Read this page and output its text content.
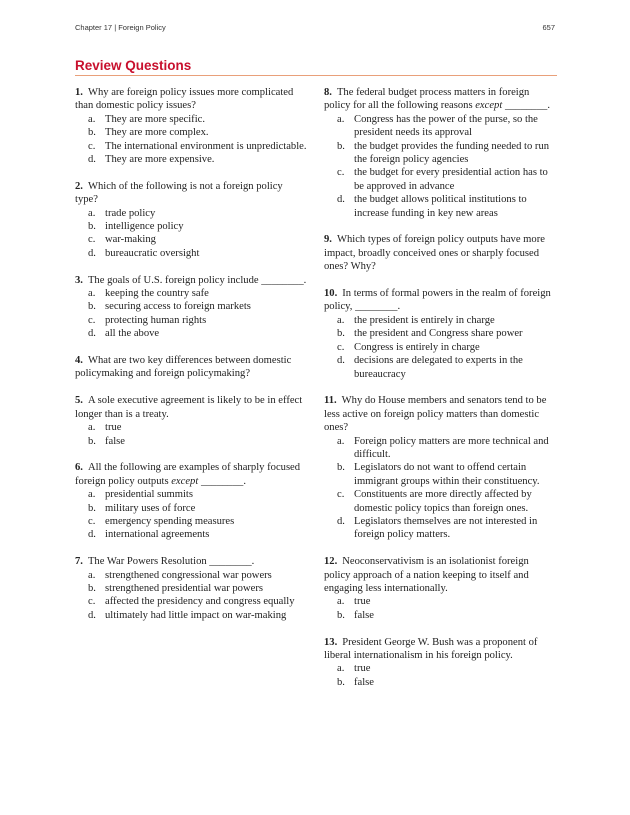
Chapter 17 | Foreign Policy	657
Review Questions

1. Why are foreign policy issues more complicated than domestic policy issues?

a. They are more specific.
b. They are more complex.
c. The international environment is unpredictable.
d. They are more expensive.

2. Which of the following is not a foreign policy type?

a. trade policy
b. intelligence policy
c. war-making
d. bureaucratic oversight

3. The goals of U.S. foreign policy include ________.

a. keeping the country safe
b. securing access to foreign markets
c. protecting human rights
d. all the above

4. What are two key differences between domestic policymaking and foreign policymaking?

5. A sole executive agreement is likely to be in effect longer than is a treaty.

a. true
b. false

6. All the following are examples of sharply focused foreign policy outputs except ________.

a. presidential summits
b. military uses of force
c. emergency spending measures
d. international agreements

7. The War Powers Resolution ________.

a. strengthened congressional war powers
b. strengthened presidential war powers
c. affected the presidency and congress equally
d. ultimately had little impact on war-making

8. The federal budget process matters in foreign policy for all the following reasons except ________.

a. Congress has the power of the purse, so the president needs its approval
b. the budget provides the funding needed to run the foreign policy agencies
c. the budget for every presidential action has to be approved in advance
d. the budget allows political institutions to increase funding in key new areas

9. Which types of foreign policy outputs have more impact, broadly conceived ones or sharply focused ones? Why?

10. In terms of formal powers in the realm of foreign policy, ________.

a. the president is entirely in charge
b. the president and Congress share power
c. Congress is entirely in charge
d. decisions are delegated to experts in the bureaucracy

11. Why do House members and senators tend to be less active on foreign policy matters than domestic ones?

a. Foreign policy matters are more technical and difficult.
b. Legislators do not want to offend certain immigrant groups within their constituency.
c. Constituents are more directly affected by domestic policy topics than foreign ones.
d. Legislators themselves are not interested in foreign policy matters.

12. Neoconservativism is an isolationist foreign policy approach of a nation keeping to itself and engaging less internationally.

a. true
b. false

13. President George W. Bush was a proponent of liberal internationalism in his foreign policy.

a. true
b. false
